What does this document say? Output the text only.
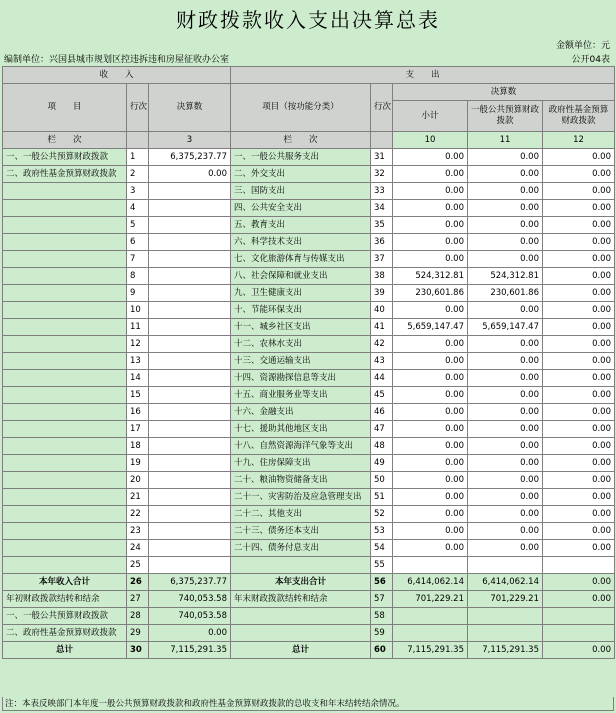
财政拨款收入支出决算总表
金额单位：元
编制单位：兴国县城市规划区控违拆违和房屋征收办公室	公开04表
收　　入			支　　出				
项　　目	行次	决算数	项目（按功能分类）	行次	决算数		
					小计	一般公共预算财政拨款	政府性基金预算财政拨款
栏　　次		3	栏　　次		10	11	12
一、一般公共预算财政拨款	1	6,375,237.77	一、一般公共服务支出	31	0.00	0.00	0.00
二、政府性基金预算财政拨款	2	0.00	二、外交支出	32	0.00	0.00	0.00
	3		三、国防支出	33	0.00	0.00	0.00
	4		四、公共安全支出	34	0.00	0.00	0.00
	5		五、教育支出	35	0.00	0.00	0.00
	6		六、科学技术支出	36	0.00	0.00	0.00
	7		七、文化旅游体育与传媒支出	37	0.00	0.00	0.00
	8		八、社会保障和就业支出	38	524,312.81	524,312.81	0.00
	9		九、卫生健康支出	39	230,601.86	230,601.86	0.00
	10		十、节能环保支出	40	0.00	0.00	0.00
	11		十一、城乡社区支出	41	5,659,147.47	5,659,147.47	0.00
	12		十二、农林水支出	42	0.00	0.00	0.00
	13		十三、交通运输支出	43	0.00	0.00	0.00
	14		十四、资源勘探信息等支出	44	0.00	0.00	0.00
	15		十五、商业服务业等支出	45	0.00	0.00	0.00
	16		十六、金融支出	46	0.00	0.00	0.00
	17		十七、援助其他地区支出	47	0.00	0.00	0.00
	18		十八、自然资源海洋气象等支出	48	0.00	0.00	0.00
	19		十九、住房保障支出	49	0.00	0.00	0.00
	20		二十、粮油物资储备支出	50	0.00	0.00	0.00
	21		二十一、灾害防治及应急管理支出	51	0.00	0.00	0.00
	22		二十二、其他支出	52	0.00	0.00	0.00
	23		二十三、债务还本支出	53	0.00	0.00	0.00
	24		二十四、债务付息支出	54	0.00	0.00	0.00
	25			55			
本年收入合计	26	6,375,237.77	本年支出合计	56	6,414,062.14	6,414,062.14	0.00
年初财政拨款结转和结余	27	740,053.58	年末财政拨款结转和结余	57	701,229.21	701,229.21	0.00
一、一般公共预算财政拨款	28	740,053.58		58			
二、政府性基金预算财政拨款	29	0.00		59			
总计	30	7,115,291.35	总计	60	7,115,291.35	7,115,291.35	0.00
注：本表反映部门本年度一般公共预算财政拨款和政府性基金预算财政拨款的总收支和年末结转结余情况。
